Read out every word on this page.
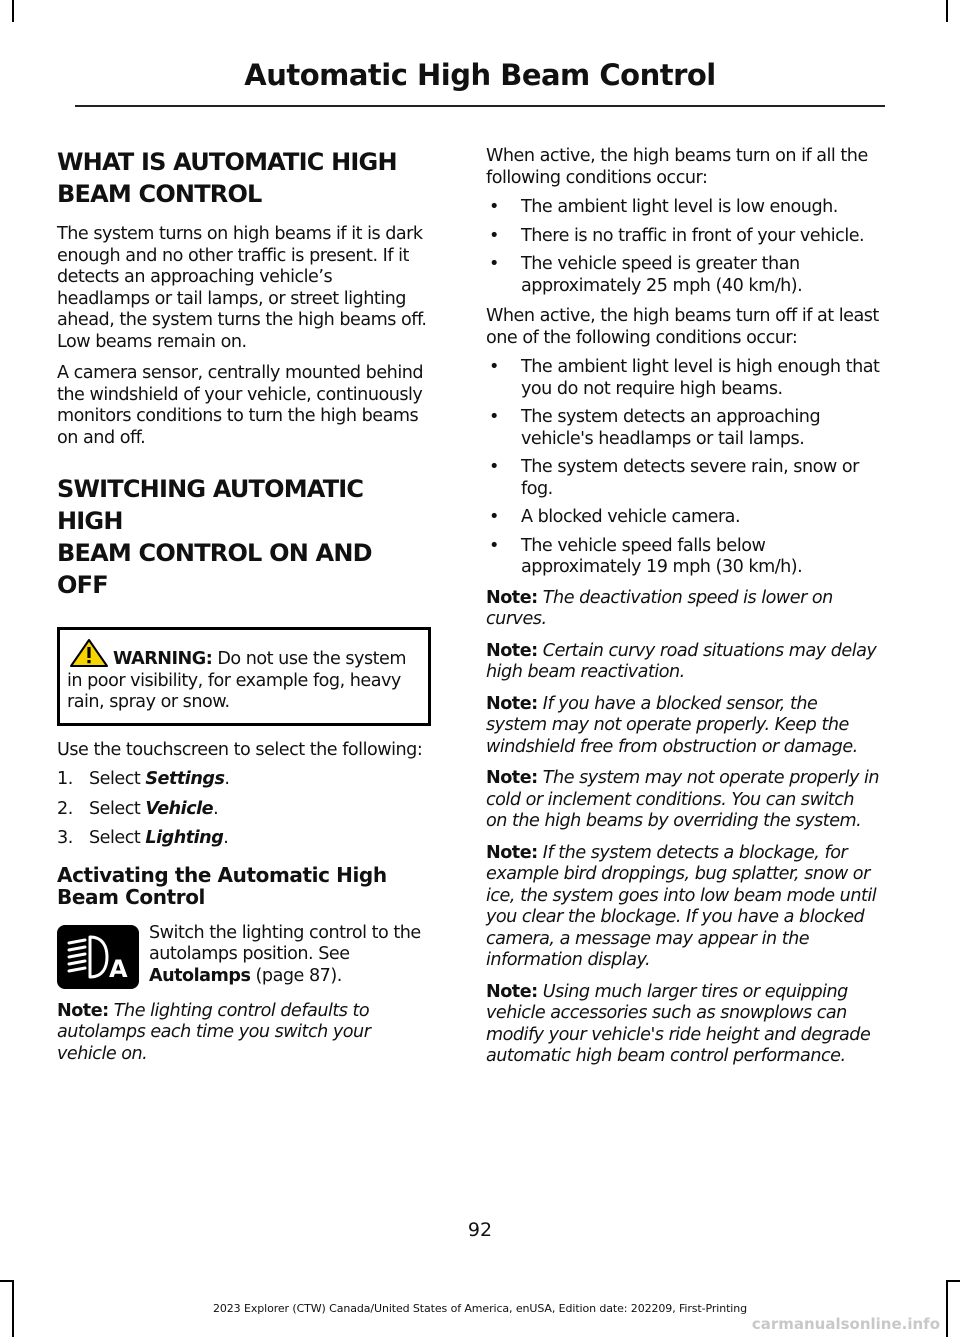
Automatic High Beam Control
WHAT IS AUTOMATIC HIGH
BEAM CONTROL

The system turns on high beams if it is dark enough and no other traffic is present. If it detects an approaching vehicle’s headlamps or tail lamps, or street lighting ahead, the system turns the high beams off. Low beams remain on.

A camera sensor, centrally mounted behind the windshield of your vehicle, continuously monitors conditions to turn the high beams on and off.

SWITCHING AUTOMATIC HIGH
BEAM CONTROL ON AND OFF
WARNING: Do not use the system in poor visibility, for example fog, heavy rain, spray or snow.

Use the touchscreen to select the following:

1. Select Settings.
2. Select Vehicle.
3. Select Lighting.
Activating the Automatic High Beam Control
A

Switch the lighting control to the autolamps position. See Autolamps (page 87).

Note: The lighting control defaults to autolamps each time you switch your vehicle on.

When active, the high beams turn on if all the following conditions occur:

•	The ambient light level is low enough.
•	There is no traffic in front of your vehicle.
•	The vehicle speed is greater than approximately 25 mph (40 km/h).

When active, the high beams turn off if at least one of the following conditions occur:

•	The ambient light level is high enough that you do not require high beams.
•	The system detects an approaching vehicle's headlamps or tail lamps.
•	The system detects severe rain, snow or fog.
•	A blocked vehicle camera.
•	The vehicle speed falls below approximately 19 mph (30 km/h).

Note: The deactivation speed is lower on curves.

Note: Certain curvy road situations may delay high beam reactivation.

Note: If you have a blocked sensor, the system may not operate properly. Keep the windshield free from obstruction or damage.

Note: The system may not operate properly in cold or inclement conditions. You can switch on the high beams by overriding the system.

Note: If the system detects a blockage, for example bird droppings, bug splatter, snow or ice, the system goes into low beam mode until you clear the blockage. If you have a blocked camera, a message may appear in the information display.

Note: Using much larger tires or equipping vehicle accessories such as snowplows can modify your vehicle's ride height and degrade automatic high beam control performance.

92
2023 Explorer (CTW) Canada/United States of America, enUSA, Edition date: 202209, First-Printing
carmanualsonline.info
